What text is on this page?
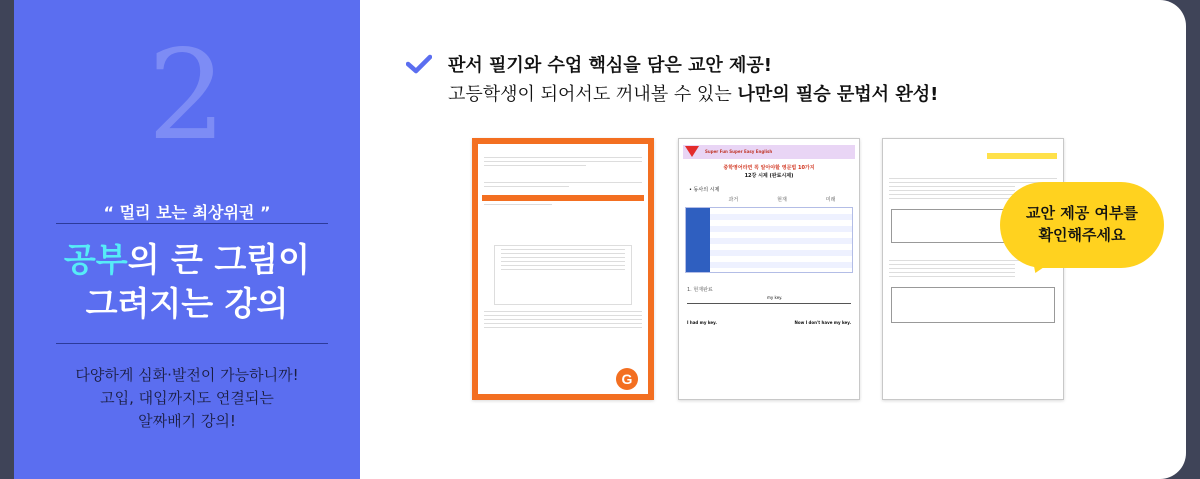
2
“ 멀리 보는 최상위권 ”
공부의 큰 그림이
그려지는 강의
다양하게 심화·발전이 가능하니까!
고입, 대입까지도 연결되는
알짜배기 강의!
판서 필기와 수업 핵심을 담은 교안 제공!
고등학생이 되어서도 꺼내볼 수 있는 나만의 필승 문법서 완성!
G
Super Fun Super Easy English
중학영어라면 꼭 알아야할 영문법 10가지
12강 시제 (완료시제)
• 동사의 시제
과거	현재	미래
1. 현재완료
my key.
I had my key.	Now I don't have my key.
교안 제공 여부를
확인해주세요
